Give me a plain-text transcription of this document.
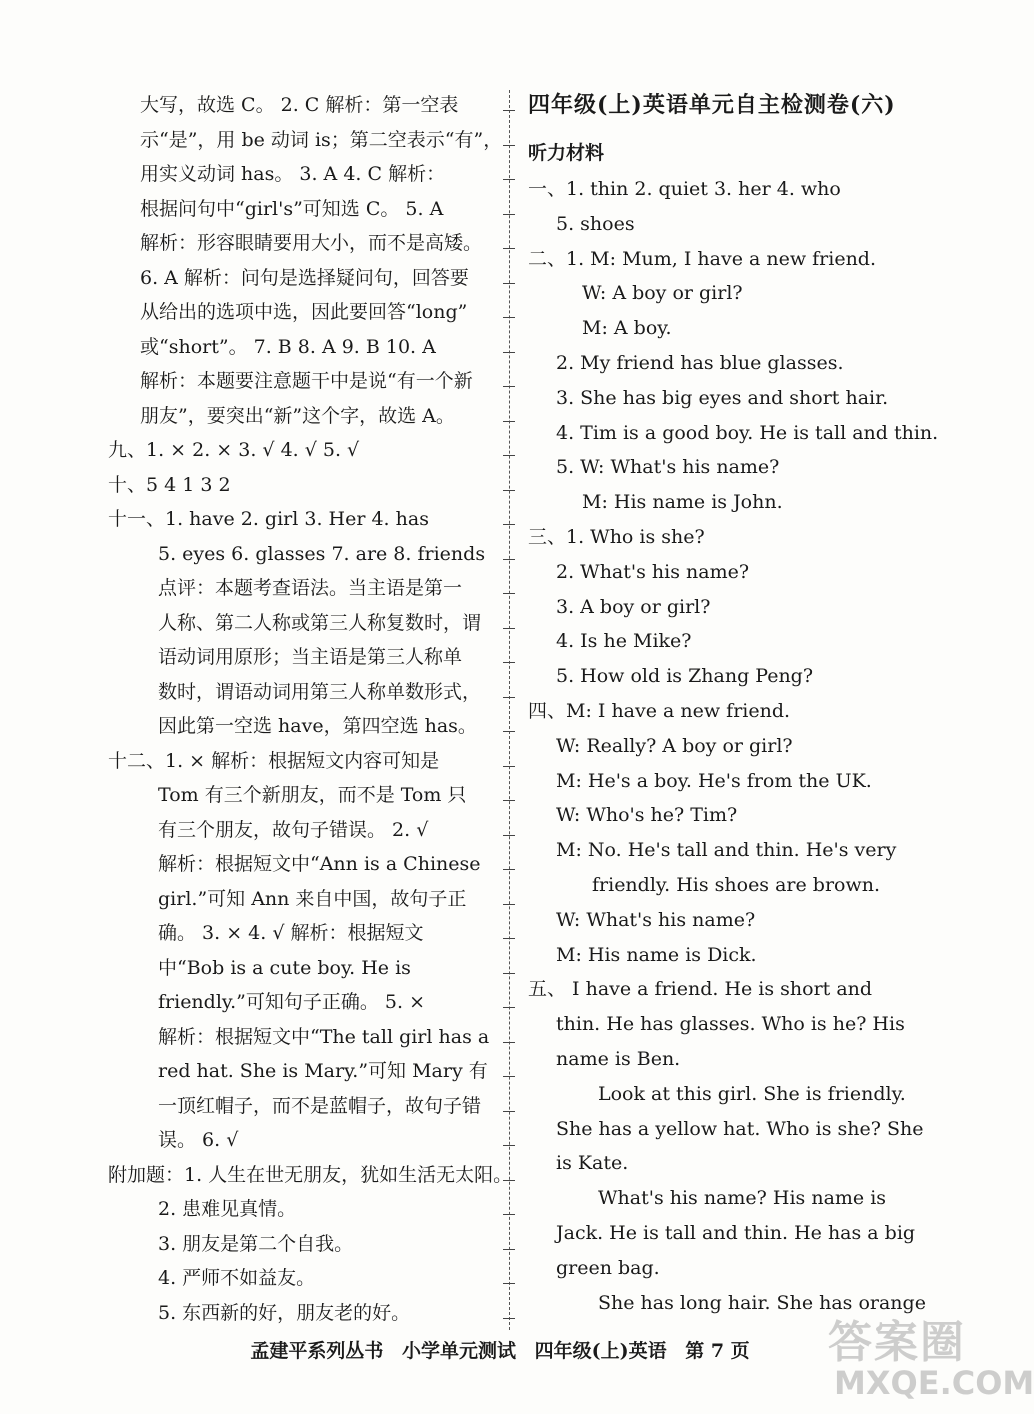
大写，故选 C。 2. C 解析：第一空表
示“是”，用 be 动词 is；第二空表示“有”，
用实义动词 has。 3. A 4. C 解析：
根据问句中“girl's”可知选 C。 5. A
解析：形容眼睛要用大小，而不是高矮。
6. A 解析：问句是选择疑问句，回答要
从给出的选项中选，因此要回答“long”
或“short”。 7. B 8. A 9. B 10. A
解析：本题要注意题干中是说“有一个新
朋友”，要突出“新”这个字，故选 A。
九、1. × 2. × 3. √ 4. √ 5. √
十、5 4 1 3 2
十一、1. have 2. girl 3. Her 4. has
5. eyes 6. glasses 7. are 8. friends
点评：本题考查语法。当主语是第一
人称、第二人称或第三人称复数时，谓
语动词用原形；当主语是第三人称单
数时，谓语动词用第三人称单数形式，
因此第一空选 have，第四空选 has。
十二、1. × 解析：根据短文内容可知是
Tom 有三个新朋友，而不是 Tom 只
有三个朋友，故句子错误。 2. √
解析：根据短文中“Ann is a Chinese
girl.”可知 Ann 来自中国，故句子正
确。 3. × 4. √ 解析：根据短文
中“Bob is a cute boy. He is
friendly.”可知句子正确。 5. ×
解析：根据短文中“The tall girl has a
red hat. She is Mary.”可知 Mary 有
一顶红帽子，而不是蓝帽子，故句子错
误。 6. √
附加题：1. 人生在世无朋友，犹如生活无太阳。
2. 患难见真情。
3. 朋友是第二个自我。
4. 严师不如益友。
5. 东西新的好，朋友老的好。
四年级(上)英语单元自主检测卷(六)
听力材料
一、1. thin 2. quiet 3. her 4. who
5. shoes
二、1. M: Mum, I have a new friend.
W: A boy or girl?
M: A boy.
2. My friend has blue glasses.
3. She has big eyes and short hair.
4. Tim is a good boy. He is tall and thin.
5. W: What's his name?
M: His name is John.
三、1. Who is she?
2. What's his name?
3. A boy or girl?
4. Is he Mike?
5. How old is Zhang Peng?
四、M: I have a new friend.
W: Really? A boy or girl?
M: He's a boy. He's from the UK.
W: Who's he? Tim?
M: No. He's tall and thin. He's very
friendly. His shoes are brown.
W: What's his name?
M: His name is Dick.
五、 I have a friend. He is short and
thin. He has glasses. Who is he? His
name is Ben.
Look at this girl. She is friendly.
She has a yellow hat. Who is she? She
is Kate.
What's his name? His name is
Jack. He is tall and thin. He has a big
green bag.
She has long hair. She has orange
孟建平系列丛书 小学单元测试 四年级(上)英语 第 7 页	答案圈
MXQE.COM
